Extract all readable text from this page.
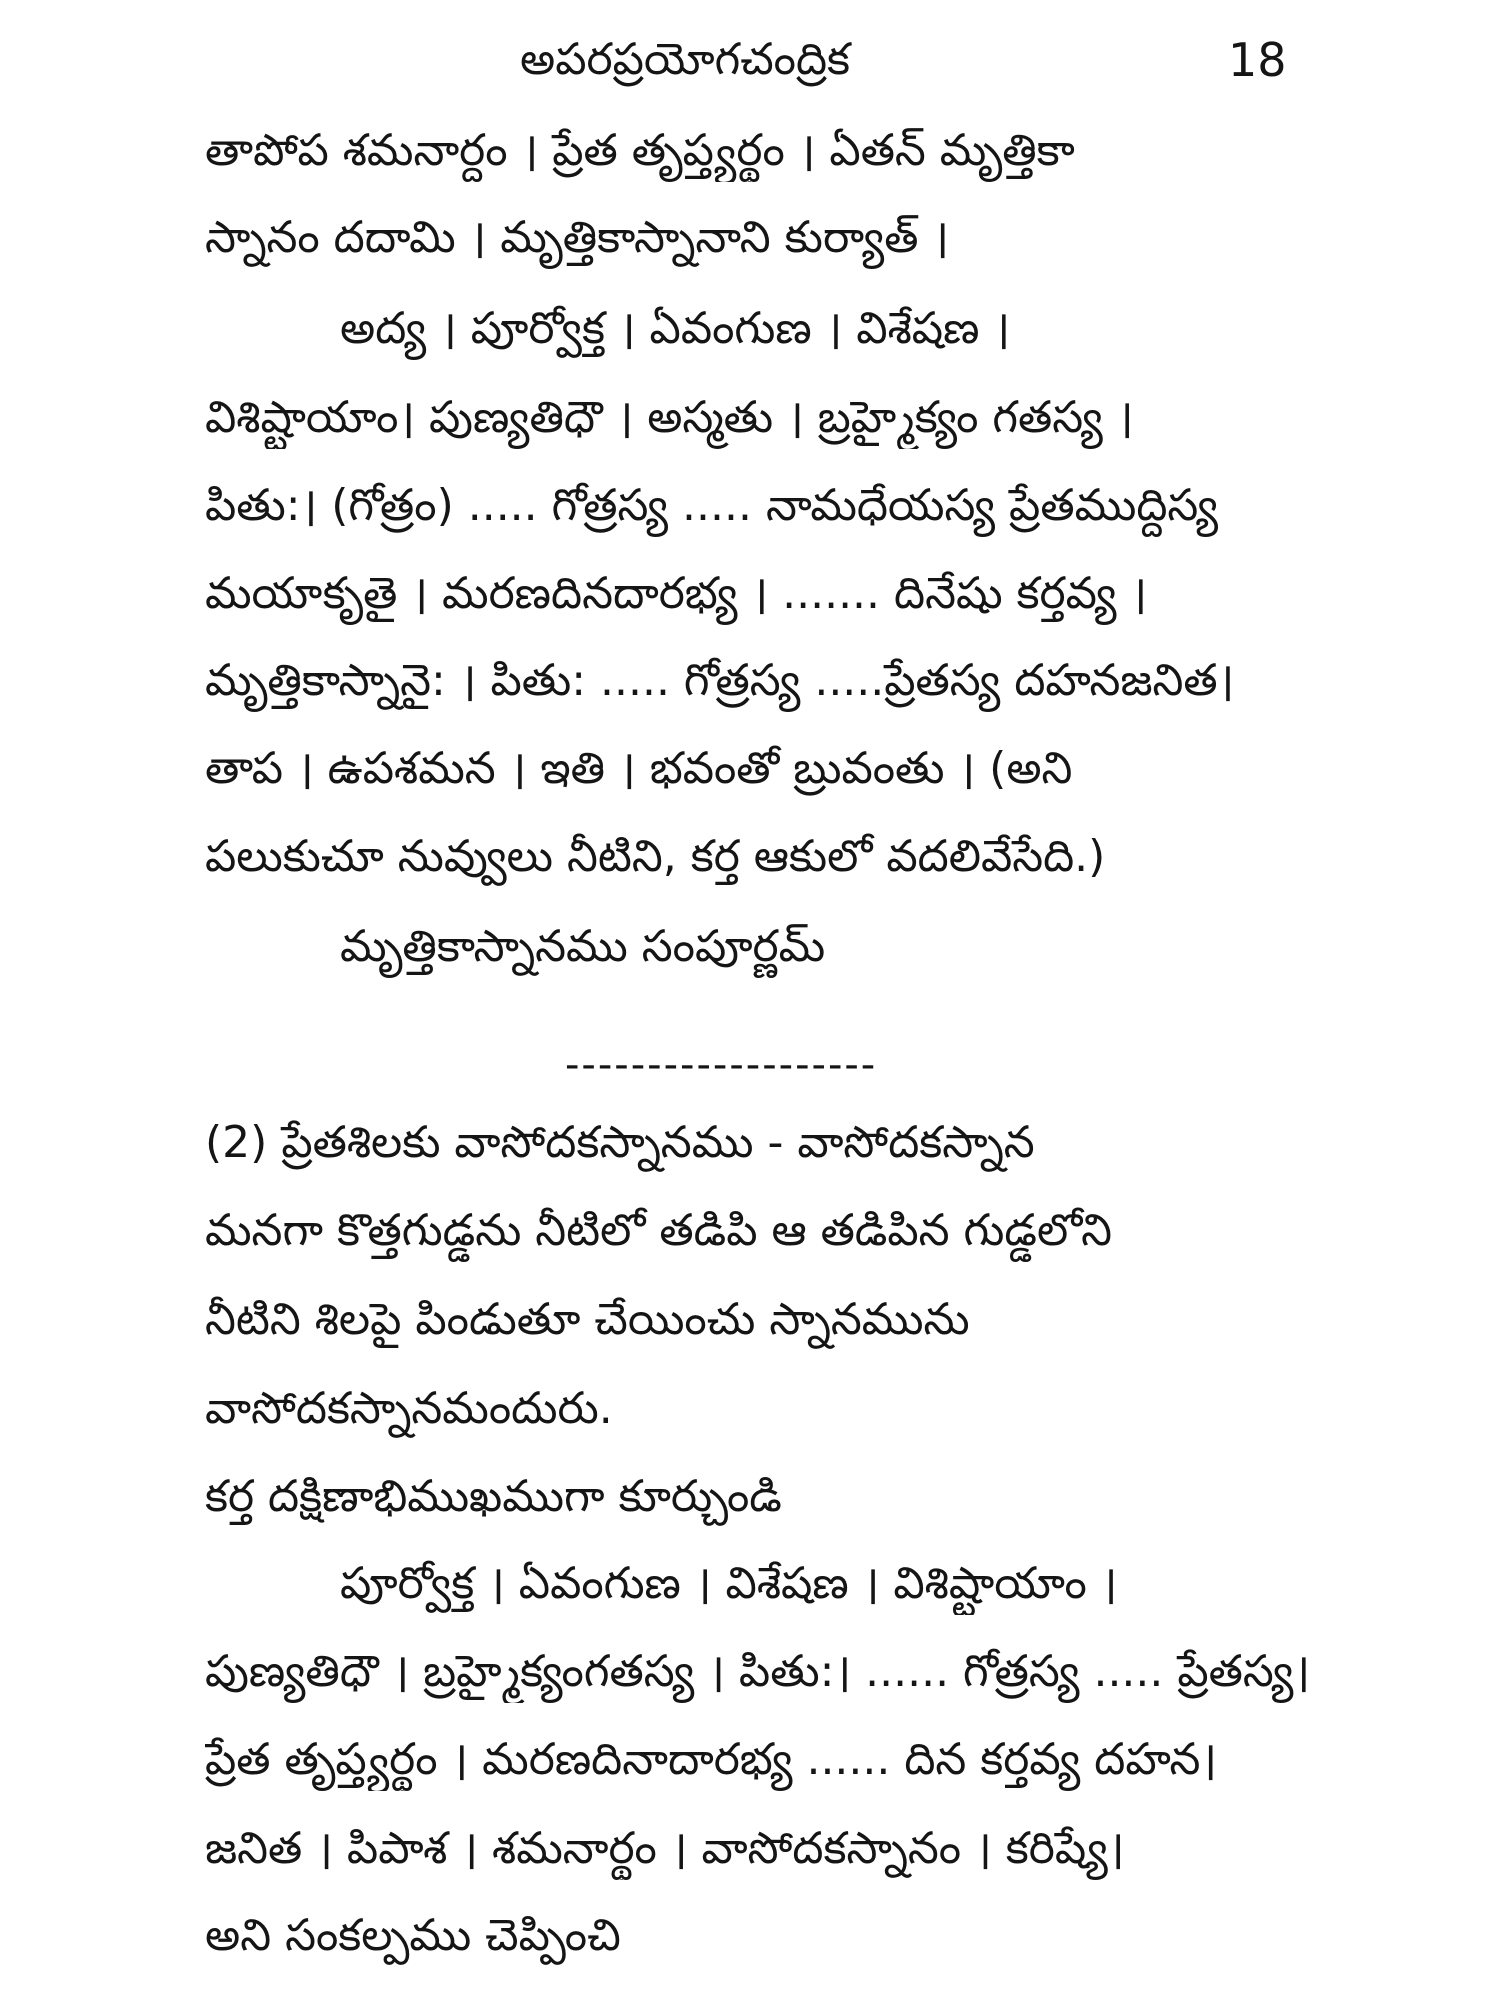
అపరప్రయోగచంద్రిక	18
తాపోప శమనార్దం । ప్రేత తృప్త్యర్థం । ఏతన్ మృత్తికా
స్నానం దదామి । మృత్తికాస్నానాని కుర్యాత్ ।
అద్య । పూర్వోక్త । ఏవంగుణ । విశేషణ ।
విశిష్టాయాం। పుణ్యతిధౌ । అస్మతు । బ్రహ్మైక్యం గతస్య ।
పితు:। (గోత్రం) ..... గోత్రస్య ..... నామధేయస్య ప్రేతముద్దిస్య
మయాకృతై । మరణదినదారభ్య । ....... దినేషు కర్తవ్య ।
మృత్తికాస్నానై: । పితు: ..... గోత్రస్య .....ప్రేతస్య దహనజనిత।
తాప । ఉపశమన । ఇతి । భవంతో బ్రువంతు । (అని
పలుకుచూ నువ్వులు నీటిని, కర్త ఆకులో వదలివేసేది.)
మృత్తికాస్నానము సంపూర్ణమ్
-------------------
(2) ప్రేతశిలకు వాసోదకస్నానము - వాసోదకస్నాన
మనగా కొత్తగుడ్డను నీటిలో తడిపి ఆ తడిపిన గుడ్డలోని
నీటిని శిలపై పిండుతూ చేయించు స్నానమును
వాసోదకస్నానమందురు.
కర్త దక్షిణాభిముఖముగా కూర్చుండి
పూర్వోక్త । ఏవంగుణ । విశేషణ । విశిష్టాయాం ।
పుణ్యతిధౌ । బ్రహ్మైక్యంగతస్య । పితు:। ...... గోత్రస్య ..... ప్రేతస్య।
ప్రేత తృప్త్యర్థం । మరణదినాదారభ్య ...... దిన కర్తవ్య దహన।
జనిత । పిపాశ । శమనార్థం । వాసోదకస్నానం । కరిష్యే।
అని సంకల్పము చెప్పించి
